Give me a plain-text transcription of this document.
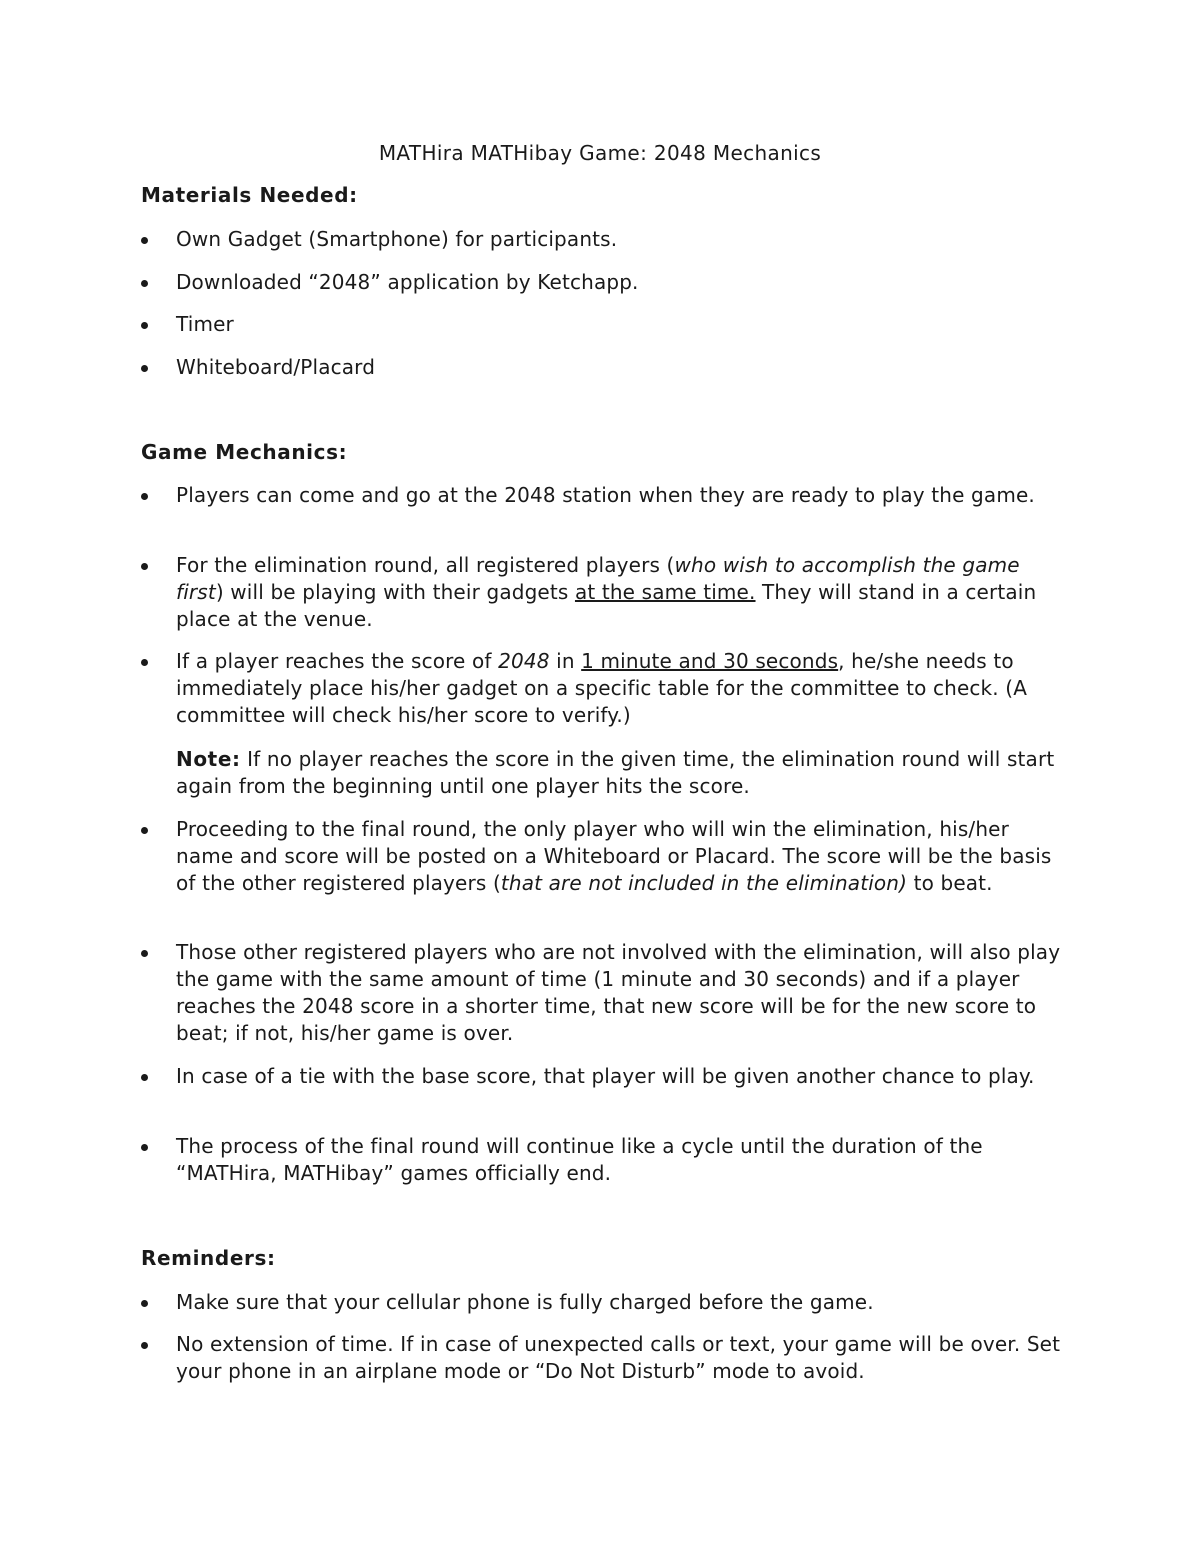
MATHira MATHibay Game: 2048 Mechanics
Materials Needed:
Own Gadget (Smartphone) for participants.
Downloaded “2048” application by Ketchapp.
Timer
Whiteboard/Placard
Game Mechanics:
Players can come and go at the 2048 station when they are ready to play the game.
For the elimination round, all registered players (who wish to accomplish the game first) will be playing with their gadgets at the same time. They will stand in a certain place at the venue.
If a player reaches the score of 2048 in 1 minute and 30 seconds, he/she needs to immediately place his/her gadget on a specific table for the committee to check. (A committee will check his/her score to verify.)
Note: If no player reaches the score in the given time, the elimination round will start again from the beginning until one player hits the score.
Proceeding to the final round, the only player who will win the elimination, his/her name and score will be posted on a Whiteboard or Placard. The score will be the basis of the other registered players (that are not included in the elimination) to beat.
Those other registered players who are not involved with the elimination, will also play the game with the same amount of time (1 minute and 30 seconds) and if a player reaches the 2048 score in a shorter time, that new score will be for the new score to beat; if not, his/her game is over.
In case of a tie with the base score, that player will be given another chance to play.
The process of the final round will continue like a cycle until the duration of the “MATHira, MATHibay” games officially end.
Reminders:
Make sure that your cellular phone is fully charged before the game.
No extension of time. If in case of unexpected calls or text, your game will be over. Set your phone in an airplane mode or “Do Not Disturb” mode to avoid.
